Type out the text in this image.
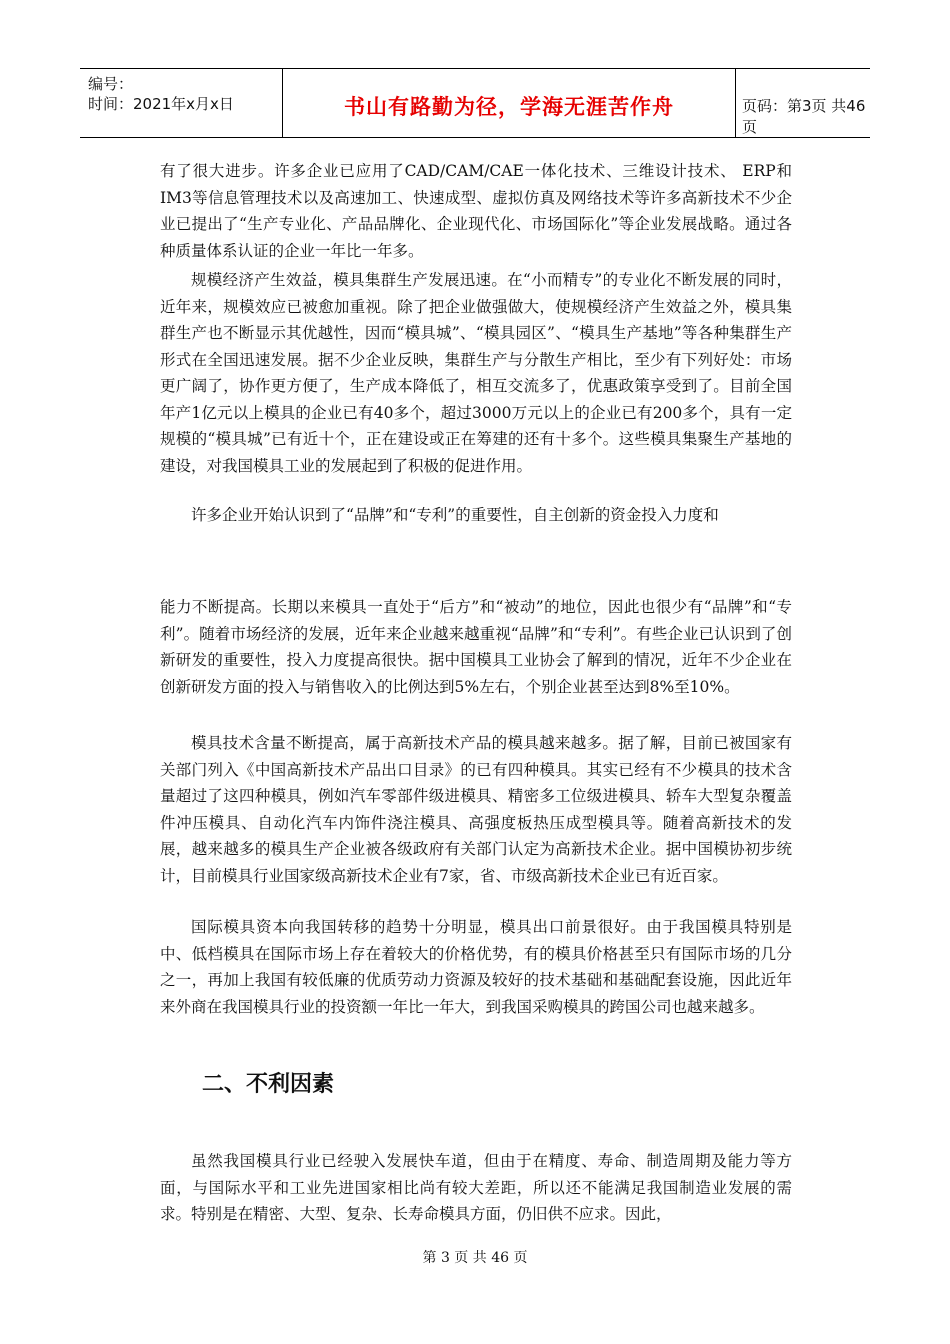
编号：
时间：2021年x月x日	书山有路勤为径，学海无涯苦作舟	页码：第3页 共46页

有了很大进步。许多企业已应用了CAD/CAM/CAE一体化技术、三维设计技术、 ERP和IM3等信息管理技术以及高速加工、快速成型、虚拟仿真及网络技术等许多高新技术不少企业已提出了“生产专业化、产品品牌化、企业现代化、市场国际化”等企业发展战略。通过各种质量体系认证的企业一年比一年多。

规模经济产生效益，模具集群生产发展迅速。在“小而精专”的专业化不断发展的同时，近年来，规模效应已被愈加重视。除了把企业做强做大，使规模经济产生效益之外，模具集群生产也不断显示其优越性，因而“模具城”、“模具园区”、“模具生产基地”等各种集群生产形式在全国迅速发展。据不少企业反映，集群生产与分散生产相比，至少有下列好处：市场更广阔了，协作更方便了，生产成本降低了，相互交流多了，优惠政策享受到了。目前全国年产1亿元以上模具的企业已有40多个，超过3000万元以上的企业已有200多个，具有一定规模的“模具城”已有近十个，正在建设或正在筹建的还有十多个。这些模具集聚生产基地的建设，对我国模具工业的发展起到了积极的促进作用。

许多企业开始认识到了“品牌”和“专利”的重要性，自主创新的资金投入力度和

能力不断提高。长期以来模具一直处于“后方”和“被动”的地位，因此也很少有“品牌”和“专利”。随着市场经济的发展，近年来企业越来越重视“品牌”和“专利”。有些企业已认识到了创新研发的重要性，投入力度提高很快。据中国模具工业协会了解到的情况，近年不少企业在创新研发方面的投入与销售收入的比例达到5%左右，个别企业甚至达到8%至10%。

模具技术含量不断提高，属于高新技术产品的模具越来越多。据了解，目前已被国家有关部门列入《中国高新技术产品出口目录》的已有四种模具。其实已经有不少模具的技术含量超过了这四种模具，例如汽车零部件级进模具、精密多工位级进模具、轿车大型复杂覆盖件冲压模具、自动化汽车内饰件浇注模具、高强度板热压成型模具等。随着高新技术的发展，越来越多的模具生产企业被各级政府有关部门认定为高新技术企业。据中国模协初步统计，目前模具行业国家级高新技术企业有7家，省、市级高新技术企业已有近百家。

国际模具资本向我国转移的趋势十分明显，模具出口前景很好。由于我国模具特别是中、低档模具在国际市场上存在着较大的价格优势，有的模具价格甚至只有国际市场的几分之一，再加上我国有较低廉的优质劳动力资源及较好的技术基础和基础配套设施，因此近年来外商在我国模具行业的投资额一年比一年大，到我国采购模具的跨国公司也越来越多。

二、不利因素

虽然我国模具行业已经驶入发展快车道，但由于在精度、寿命、制造周期及能力等方面，与国际水平和工业先进国家相比尚有较大差距，所以还不能满足我国制造业发展的需求。特别是在精密、大型、复杂、长寿命模具方面，仍旧供不应求。因此，

第 3 页 共 46 页
